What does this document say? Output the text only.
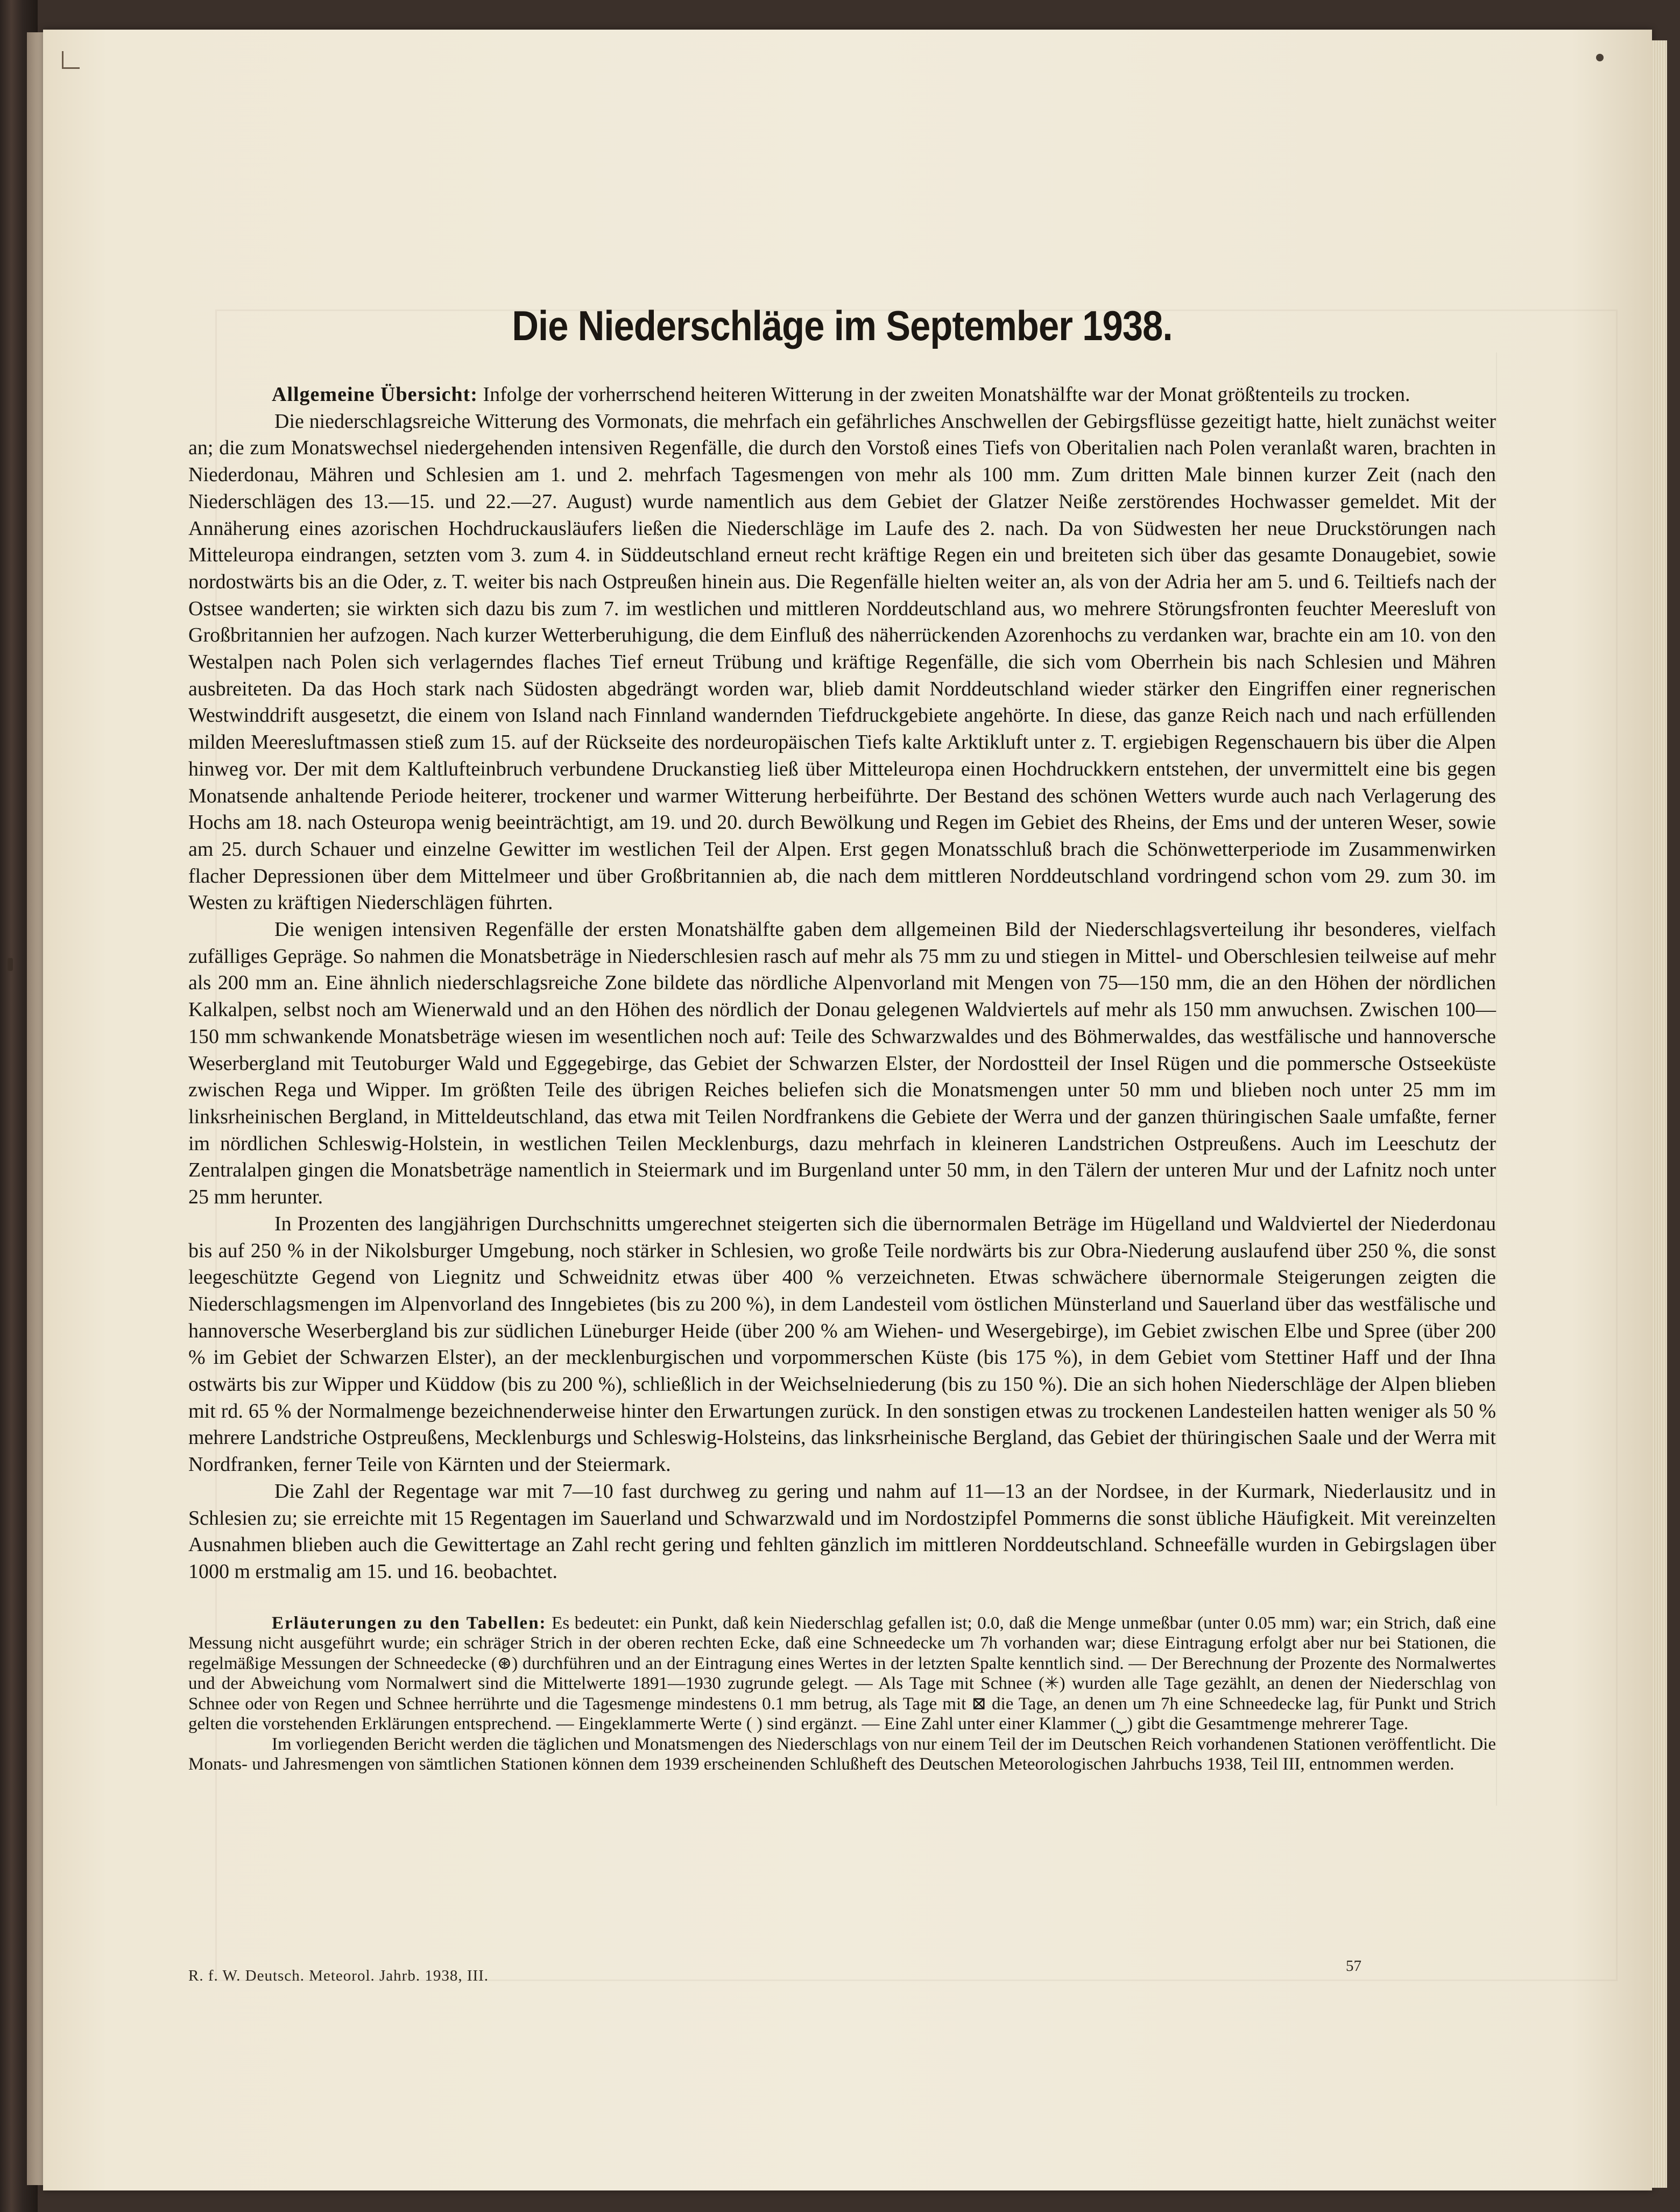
Die Niederschläge im September 1938.

Allgemeine Übersicht: Infolge der vorherrschend heiteren Witterung in der zweiten Monatshälfte war der Monat größtenteils zu trocken.

Die niederschlagsreiche Witterung des Vormonats, die mehrfach ein gefährliches Anschwellen der Gebirgsflüsse gezeitigt hatte, hielt zunächst weiter an; die zum Monatswechsel niedergehenden intensiven Regenfälle, die durch den Vorstoß eines Tiefs von Oberitalien nach Polen veranlaßt waren, brachten in Niederdonau, Mähren und Schlesien am 1. und 2. mehrfach Tagesmengen von mehr als 100 mm. Zum dritten Male binnen kurzer Zeit (nach den Niederschlägen des 13.—15. und 22.—27. August) wurde namentlich aus dem Gebiet der Glatzer Neiße zerstörendes Hochwasser gemeldet. Mit der Annäherung eines azorischen Hochdruckausläufers ließen die Niederschläge im Laufe des 2. nach. Da von Südwesten her neue Druckstörungen nach Mitteleuropa eindrangen, setzten vom 3. zum 4. in Süddeutschland erneut recht kräftige Regen ein und breiteten sich über das gesamte Donaugebiet, sowie nordostwärts bis an die Oder, z. T. weiter bis nach Ostpreußen hinein aus. Die Regenfälle hielten weiter an, als von der Adria her am 5. und 6. Teiltiefs nach der Ostsee wanderten; sie wirkten sich dazu bis zum 7. im westlichen und mittleren Norddeutschland aus, wo mehrere Störungsfronten feuchter Meeresluft von Großbritannien her aufzogen. Nach kurzer Wetterberuhigung, die dem Einfluß des näherrückenden Azorenhochs zu verdanken war, brachte ein am 10. von den Westalpen nach Polen sich verlagerndes flaches Tief erneut Trübung und kräftige Regenfälle, die sich vom Oberrhein bis nach Schlesien und Mähren ausbreiteten. Da das Hoch stark nach Südosten abgedrängt worden war, blieb damit Norddeutschland wieder stärker den Eingriffen einer regnerischen Westwinddrift ausgesetzt, die einem von Island nach Finnland wandernden Tiefdruckgebiete angehörte. In diese, das ganze Reich nach und nach erfüllenden milden Meeresluftmassen stieß zum 15. auf der Rückseite des nordeuropäischen Tiefs kalte Arktikluft unter z. T. ergiebigen Regenschauern bis über die Alpen hinweg vor. Der mit dem Kaltlufteinbruch verbundene Druckanstieg ließ über Mitteleuropa einen Hochdruckkern entstehen, der unvermittelt eine bis gegen Monatsende anhaltende Periode heiterer, trockener und warmer Witterung herbeiführte. Der Bestand des schönen Wetters wurde auch nach Verlagerung des Hochs am 18. nach Osteuropa wenig beeinträchtigt, am 19. und 20. durch Bewölkung und Regen im Gebiet des Rheins, der Ems und der unteren Weser, sowie am 25. durch Schauer und einzelne Gewitter im westlichen Teil der Alpen. Erst gegen Monatsschluß brach die Schönwetterperiode im Zusammenwirken flacher Depressionen über dem Mittelmeer und über Großbritannien ab, die nach dem mittleren Norddeutschland vordringend schon vom 29. zum 30. im Westen zu kräftigen Niederschlägen führten.

Die wenigen intensiven Regenfälle der ersten Monatshälfte gaben dem allgemeinen Bild der Niederschlagsverteilung ihr besonderes, vielfach zufälliges Gepräge. So nahmen die Monatsbeträge in Niederschlesien rasch auf mehr als 75 mm zu und stiegen in Mittel- und Oberschlesien teilweise auf mehr als 200 mm an. Eine ähnlich niederschlagsreiche Zone bildete das nördliche Alpenvorland mit Mengen von 75—150 mm, die an den Höhen der nördlichen Kalkalpen, selbst noch am Wienerwald und an den Höhen des nördlich der Donau gelegenen Waldviertels auf mehr als 150 mm anwuchsen. Zwischen 100—150 mm schwankende Monatsbeträge wiesen im wesentlichen noch auf: Teile des Schwarzwaldes und des Böhmerwaldes, das westfälische und hannoversche Weserbergland mit Teutoburger Wald und Eggegebirge, das Gebiet der Schwarzen Elster, der Nordostteil der Insel Rügen und die pommersche Ostseeküste zwischen Rega und Wipper. Im größten Teile des übrigen Reiches beliefen sich die Monatsmengen unter 50 mm und blieben noch unter 25 mm im linksrheinischen Bergland, in Mitteldeutschland, das etwa mit Teilen Nordfrankens die Gebiete der Werra und der ganzen thüringischen Saale umfaßte, ferner im nördlichen Schleswig-Holstein, in westlichen Teilen Mecklenburgs, dazu mehrfach in kleineren Landstrichen Ostpreußens. Auch im Leeschutz der Zentralalpen gingen die Monatsbeträge namentlich in Steiermark und im Burgenland unter 50 mm, in den Tälern der unteren Mur und der Lafnitz noch unter 25 mm herunter.

In Prozenten des langjährigen Durchschnitts umgerechnet steigerten sich die übernormalen Beträge im Hügelland und Waldviertel der Niederdonau bis auf 250 % in der Nikolsburger Umgebung, noch stärker in Schlesien, wo große Teile nordwärts bis zur Obra-Niederung auslaufend über 250 %, die sonst leegeschützte Gegend von Liegnitz und Schweidnitz etwas über 400 % verzeichneten. Etwas schwächere übernormale Steigerungen zeigten die Niederschlagsmengen im Alpenvorland des Inngebietes (bis zu 200 %), in dem Landesteil vom östlichen Münsterland und Sauerland über das westfälische und hannoversche Weserbergland bis zur südlichen Lüneburger Heide (über 200 % am Wiehen- und Wesergebirge), im Gebiet zwischen Elbe und Spree (über 200 % im Gebiet der Schwarzen Elster), an der mecklenburgischen und vorpommerschen Küste (bis 175 %), in dem Gebiet vom Stettiner Haff und der Ihna ostwärts bis zur Wipper und Küddow (bis zu 200 %), schließlich in der Weichselniederung (bis zu 150 %). Die an sich hohen Niederschläge der Alpen blieben mit rd. 65 % der Normalmenge bezeichnenderweise hinter den Erwartungen zurück. In den sonstigen etwas zu trockenen Landesteilen hatten weniger als 50 % mehrere Landstriche Ostpreußens, Mecklenburgs und Schleswig-Holsteins, das linksrheinische Bergland, das Gebiet der thüringischen Saale und der Werra mit Nordfranken, ferner Teile von Kärnten und der Steiermark.

Die Zahl der Regentage war mit 7—10 fast durchweg zu gering und nahm auf 11—13 an der Nordsee, in der Kurmark, Niederlausitz und in Schlesien zu; sie erreichte mit 15 Regentagen im Sauerland und Schwarzwald und im Nordostzipfel Pommerns die sonst übliche Häufigkeit. Mit vereinzelten Ausnahmen blieben auch die Gewittertage an Zahl recht gering und fehlten gänzlich im mittleren Norddeutschland. Schneefälle wurden in Gebirgslagen über 1000 m erstmalig am 15. und 16. beobachtet.

Erläuterungen zu den Tabellen: Es bedeutet: ein Punkt, daß kein Niederschlag gefallen ist; 0.0, daß die Menge unmeßbar (unter 0.05 mm) war; ein Strich, daß eine Messung nicht ausgeführt wurde; ein schräger Strich in der oberen rechten Ecke, daß eine Schneedecke um 7h vorhanden war; diese Eintragung erfolgt aber nur bei Stationen, die regelmäßige Messungen der Schneedecke (⊛) durchführen und an der Eintragung eines Wertes in der letzten Spalte kenntlich sind. — Der Berechnung der Prozente des Normalwertes und der Abweichung vom Normalwert sind die Mittelwerte 1891—1930 zugrunde gelegt. — Als Tage mit Schnee (✳) wurden alle Tage gezählt, an denen der Niederschlag von Schnee oder von Regen und Schnee herrührte und die Tagesmenge mindestens 0.1 mm betrug, als Tage mit ⊠ die Tage, an denen um 7h eine Schneedecke lag, für Punkt und Strich gelten die vorstehenden Erklärungen entsprechend. — Eingeklammerte Werte ( ) sind ergänzt. — Eine Zahl unter einer Klammer (⏟) gibt die Gesamtmenge mehrerer Tage.

Im vorliegenden Bericht werden die täglichen und Monatsmengen des Niederschlags von nur einem Teil der im Deutschen Reich vorhandenen Stationen veröffentlicht. Die Monats- und Jahresmengen von sämtlichen Stationen können dem 1939 erscheinenden Schlußheft des Deutschen Meteorologischen Jahrbuchs 1938, Teil III, entnommen werden.

R. f. W. Deutsch. Meteorol. Jahrb. 1938, III.
57
